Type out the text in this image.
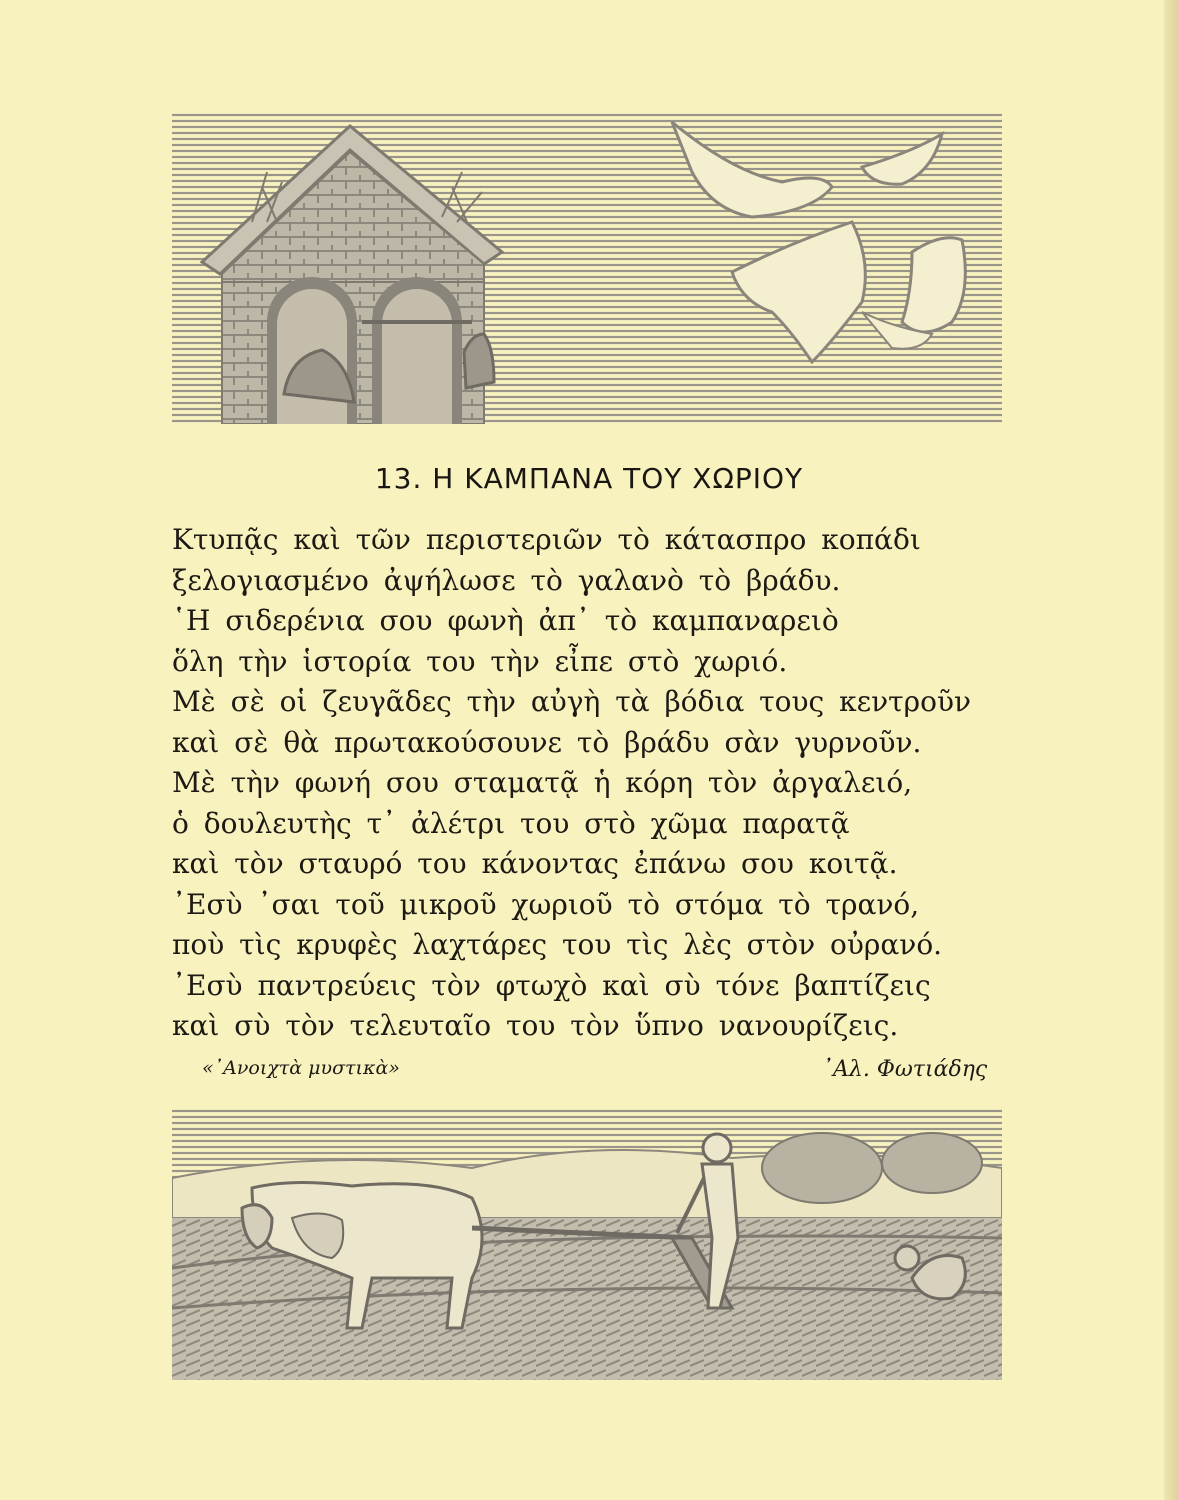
13. Η ΚΑΜΠΑΝΑ ΤΟΥ ΧΩΡΙΟΥ
Κτυπᾷς καὶ τῶν περιστεριῶν τὸ κάτασπρο κοπάδι
ξελογιασμένο ἀψήλωσε τὸ γαλανὸ τὸ βράδυ.
῾Η σιδερένια σου φωνὴ ἀπ᾽ τὸ καμπαναρειὸ
ὅλη τὴν ἱστορία του τὴν εἶπε στὸ χωριό.
Μὲ σὲ οἱ ζευγᾶδες τὴν αὐγὴ τὰ βόδια τους κεντροῦν
καὶ σὲ θὰ πρωτακούσουνε τὸ βράδυ σὰν γυρνοῦν.
Μὲ τὴν φωνή σου σταματᾷ ἡ κόρη τὸν ἀργαλειό,
ὁ δουλευτὴς τ᾽ ἀλέτρι του στὸ χῶμα παρατᾷ
καὶ τὸν σταυρό του κάνοντας ἐπάνω σου κοιτᾷ.
᾽Εσὺ ᾽σαι τοῦ μικροῦ χωριοῦ τὸ στόμα τὸ τρανό,
ποὺ τὶς κρυφὲς λαχτάρες του τὶς λὲς στὸν οὐρανό.
᾽Εσὺ παντρεύεις τὸν φτωχὸ καὶ σὺ τόνε βαπτίζεις
καὶ σὺ τὸν τελευταῖο του τὸν ὕπνο νανουρίζεις.
«᾽Ανοιχτὰ μυστικὰ»	᾽Αλ. Φωτιάδης
